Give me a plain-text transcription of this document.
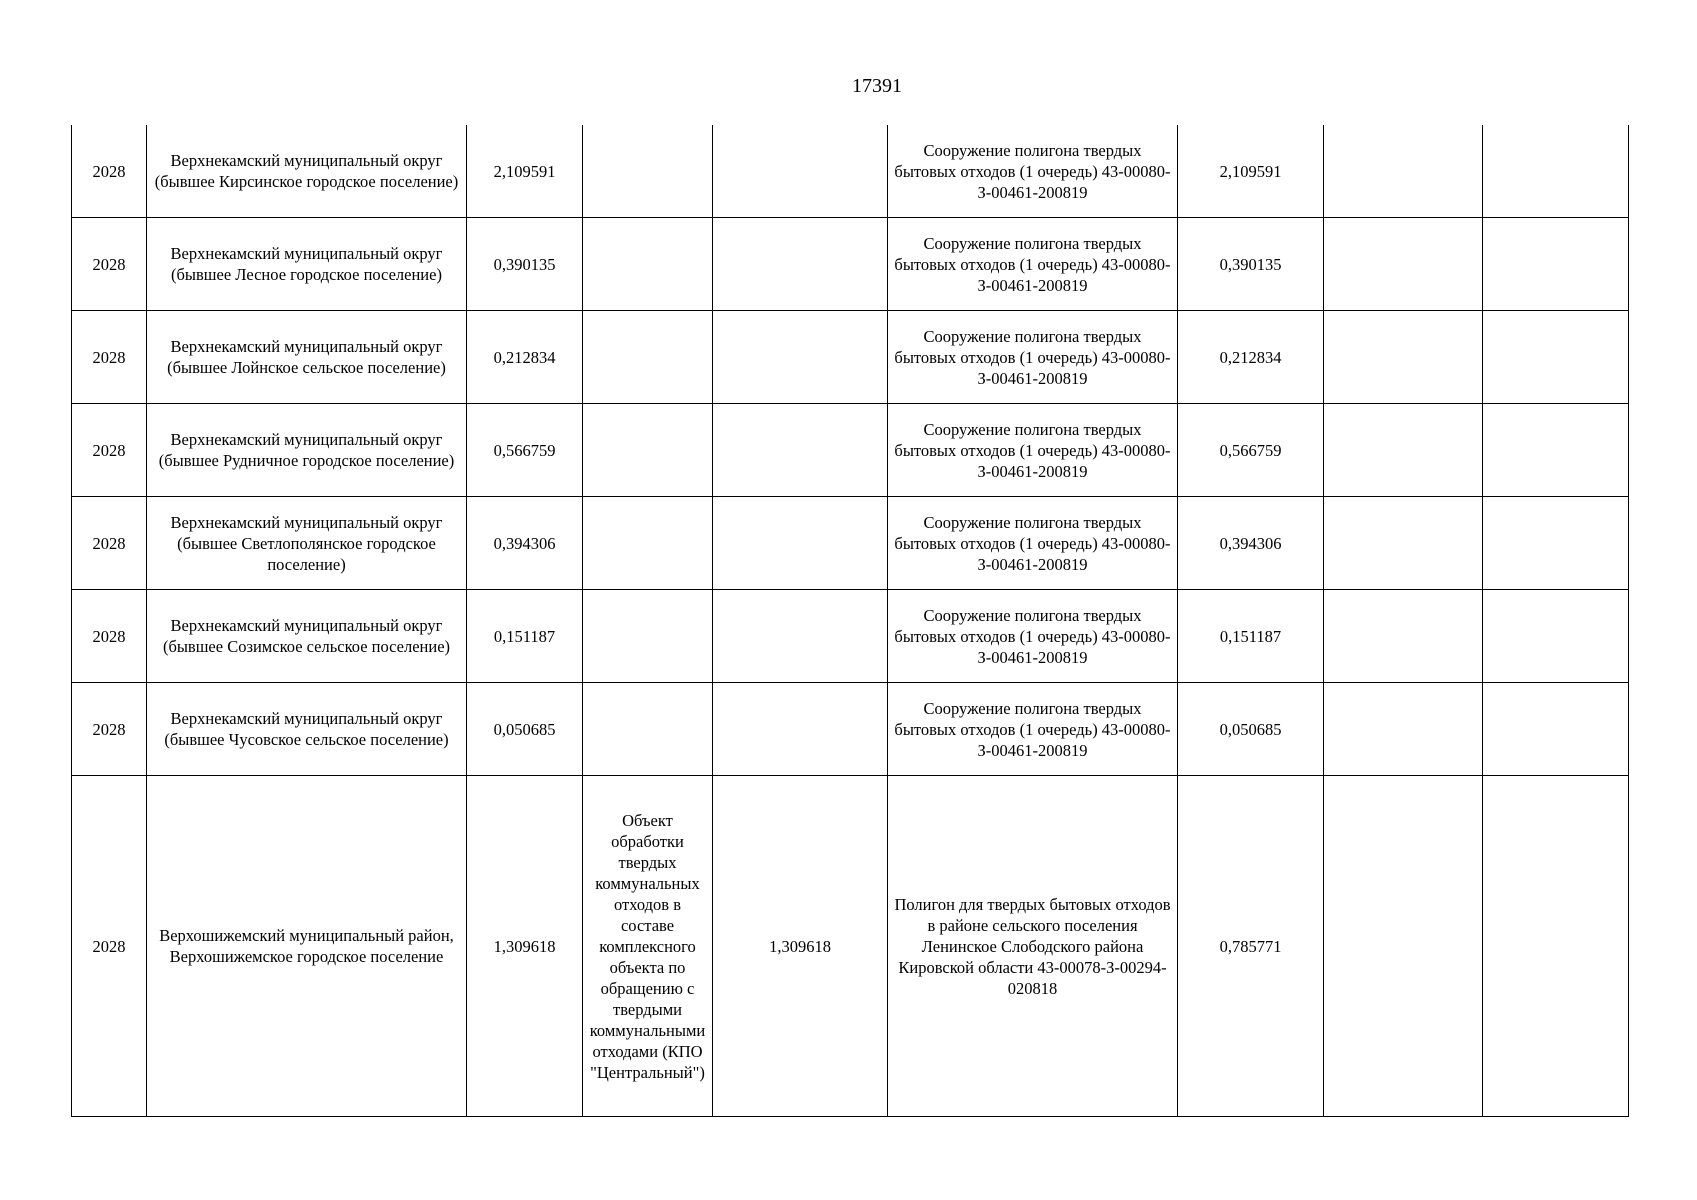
17391
2028	Верхнекамский муниципальный округ (бывшее Кирсинское городское поселение)	2,109591			Сооружение полигона твердых бытовых отходов (1 очередь) 43-00080-З-00461-200819	2,109591		
2028	Верхнекамский муниципальный округ (бывшее Лесное городское поселение)	0,390135			Сооружение полигона твердых бытовых отходов (1 очередь) 43-00080-З-00461-200819	0,390135		
2028	Верхнекамский муниципальный округ (бывшее Лойнское сельское поселение)	0,212834			Сооружение полигона твердых бытовых отходов (1 очередь) 43-00080-З-00461-200819	0,212834		
2028	Верхнекамский муниципальный округ (бывшее Рудничное городское поселение)	0,566759			Сооружение полигона твердых бытовых отходов (1 очередь) 43-00080-З-00461-200819	0,566759		
2028	Верхнекамский муниципальный округ (бывшее Светлополянское городское поселение)	0,394306			Сооружение полигона твердых бытовых отходов (1 очередь) 43-00080-З-00461-200819	0,394306		
2028	Верхнекамский муниципальный округ (бывшее Созимское сельское поселение)	0,151187			Сооружение полигона твердых бытовых отходов (1 очередь) 43-00080-З-00461-200819	0,151187		
2028	Верхнекамский муниципальный округ (бывшее Чусовское сельское поселение)	0,050685			Сооружение полигона твердых бытовых отходов (1 очередь) 43-00080-З-00461-200819	0,050685		
2028	Верхошижемский муниципальный район, Верхошижемское городское поселение	1,309618	Объект обработки твердых коммунальных отходов в составе комплексного объекта по обращению с твердыми коммунальными отходами (КПО "Центральный")	1,309618	Полигон для твердых бытовых отходов в районе сельского поселения Ленинское Слободского района Кировской области 43-00078-З-00294-020818	0,785771		
